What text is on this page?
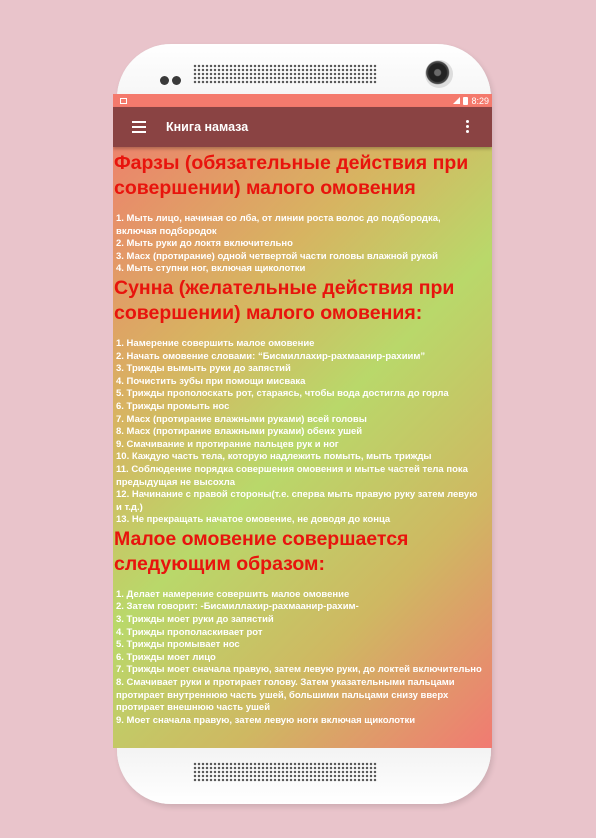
8:29
Книга намаза
Фарзы (обязательные действия при совершении) малого омовения
1. Мыть лицо, начиная со лба, от линии роста волос до подбородка, включая подбородок
2. Мыть руки до локтя включительно
3. Масх (протирание) одной четвертой части головы влажной рукой
4. Мыть ступни ног, включая щиколотки
Сунна (желательные действия при совершении) малого омовения:
1. Намерение совершить малое омовение
2. Начать омовение словами: “Бисмиллахир-рахмаанир-рахиим”
3. Трижды вымыть руки до запястий
4. Почистить зубы при помощи мисвака
5. Трижды прополоскать рот, стараясь, чтобы вода достигла до горла
6. Трижды промыть нос
7. Масх (протирание влажными руками) всей головы
8. Масх (протирание влажными руками) обеих ушей
9. Смачивание и протирание пальцев рук и ног
10. Каждую часть тела, которую надлежить помыть, мыть трижды
11. Соблюдение порядка совершения омовения и мытье частей тела пока предыдущая не высохла
12. Начинание с правой стороны(т.е. сперва мыть правую руку затем левую и т.д.)
13. Не прекращать начатое омовение, не доводя до конца
Малое омовение совершается следующим образом:
1. Делает намерение совершить малое омовение
2. Затем говорит: -Бисмиллахир-рахмаанир-рахим-
3. Трижды моет руки до запястий
4. Трижды прополаскивает рот
5. Трижды промывает нос
6. Трижды моет лицо
7. Трижды моет сначала правую, затем левую руки, до локтей включительно
8. Смачивает руки и протирает голову. Затем указательными пальцами протирает внутреннюю часть ушей, большими пальцами снизу вверх протирает внешнюю часть ушей
9. Моет сначала правую, затем левую ноги включая щиколотки
